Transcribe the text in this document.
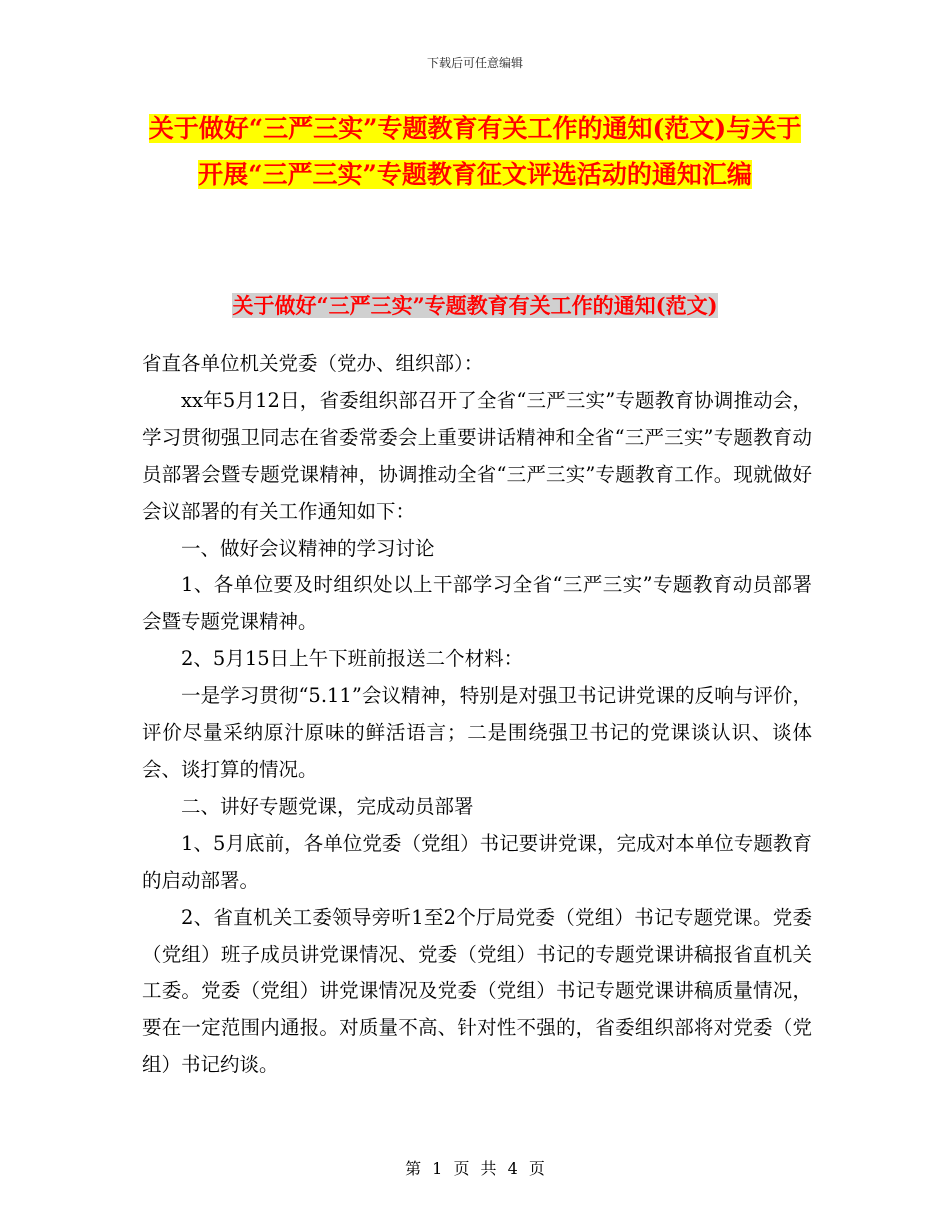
下载后可任意编辑
关于做好“三严三实”专题教育有关工作的通知(范文)与关于开展“三严三实”专题教育征文评选活动的通知汇编
关于做好“三严三实”专题教育有关工作的通知(范文)

省直各单位机关党委（党办、组织部）：

xx年5月12日，省委组织部召开了全省“三严三实”专题教育协调推动会，学习贯彻强卫同志在省委常委会上重要讲话精神和全省“三严三实”专题教育动员部署会暨专题党课精神，协调推动全省“三严三实”专题教育工作。现就做好会议部署的有关工作通知如下：

一、做好会议精神的学习讨论

1、各单位要及时组织处以上干部学习全省“三严三实”专题教育动员部署会暨专题党课精神。

2、5月15日上午下班前报送二个材料：

一是学习贯彻“5.11”会议精神，特别是对强卫书记讲党课的反响与评价，评价尽量采纳原汁原味的鲜活语言；二是围绕强卫书记的党课谈认识、谈体会、谈打算的情况。

二、讲好专题党课，完成动员部署

1、5月底前，各单位党委（党组）书记要讲党课，完成对本单位专题教育的启动部署。

2、省直机关工委领导旁听1至2个厅局党委（党组）书记专题党课。党委（党组）班子成员讲党课情况、党委（党组）书记的专题党课讲稿报省直机关工委。党委（党组）讲党课情况及党委（党组）书记专题党课讲稿质量情况，要在一定范围内通报。对质量不高、针对性不强的，省委组织部将对党委（党组）书记约谈。

第 1 页 共 4 页
